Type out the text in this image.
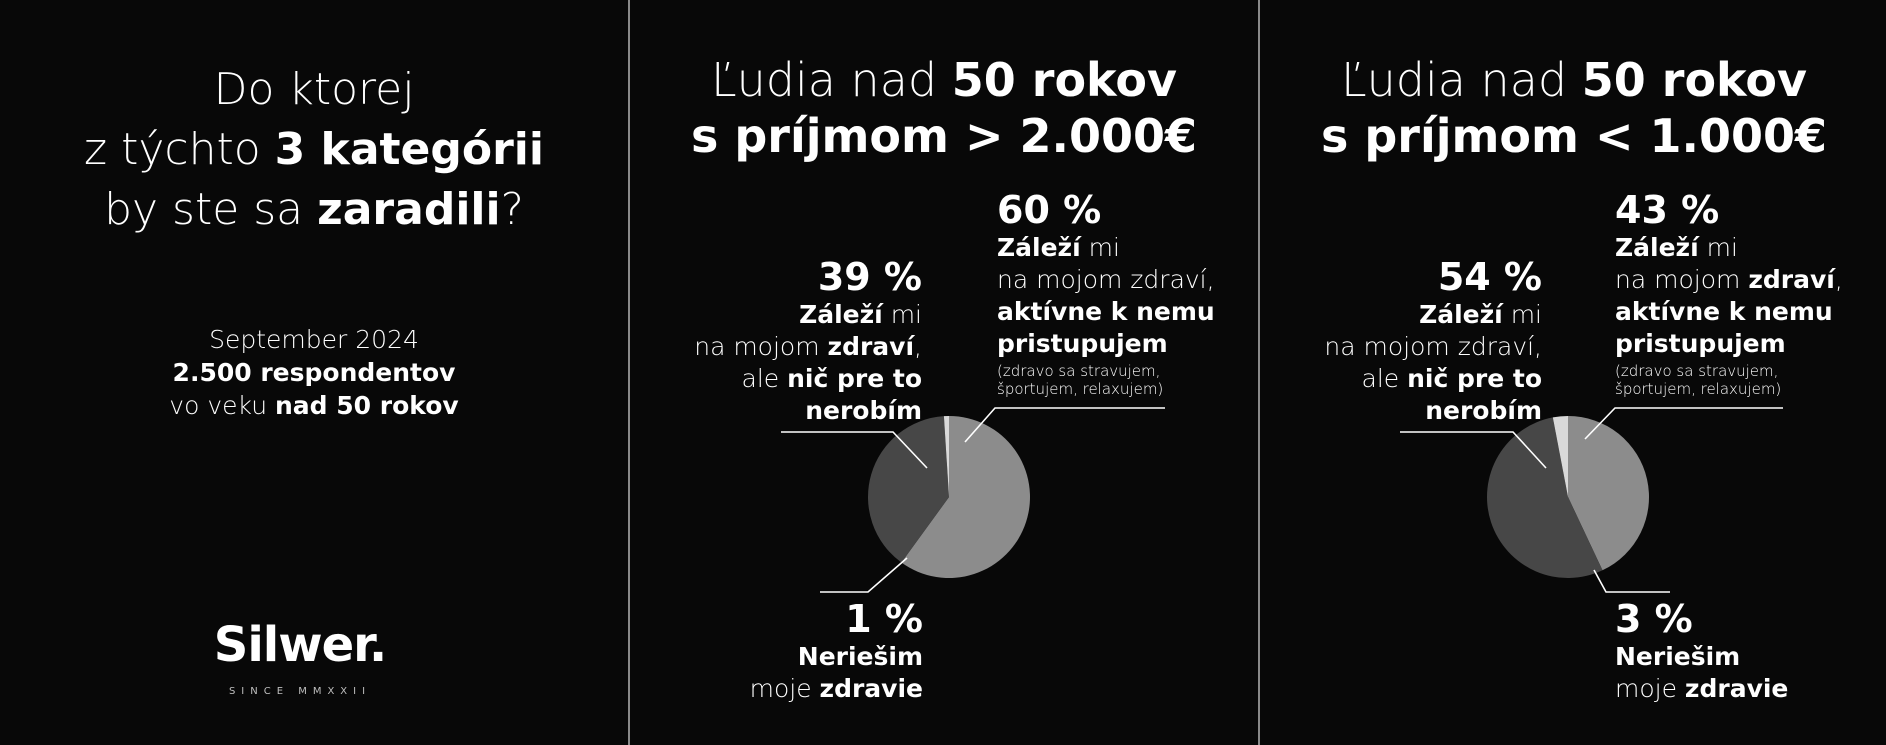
Do ktorej
z týchto 3 kategórii
by ste sa zaradili?
September 2024
2.500 respondentov
vo veku nad 50 rokov
Silwer.
SINCE MMXXII
Ľudia nad 50 rokov
s príjmom > 2.000€
60 %
Záleží mi
na mojom zdraví,
aktívne k nemu
pristupujem
(zdravo sa stravujem,
športujem, relaxujem)
39 %
Záleží mi
na mojom zdraví,
ale nič pre to
nerobím
1 %
Neriešim
moje zdravie
Ľudia nad 50 rokov
s príjmom < 1.000€
43 %
Záleží mi
na mojom zdraví,
aktívne k nemu
pristupujem
(zdravo sa stravujem,
športujem, relaxujem)
54 %
Záleží mi
na mojom zdraví,
ale nič pre to
nerobím
3 %
Neriešim
moje zdravie
